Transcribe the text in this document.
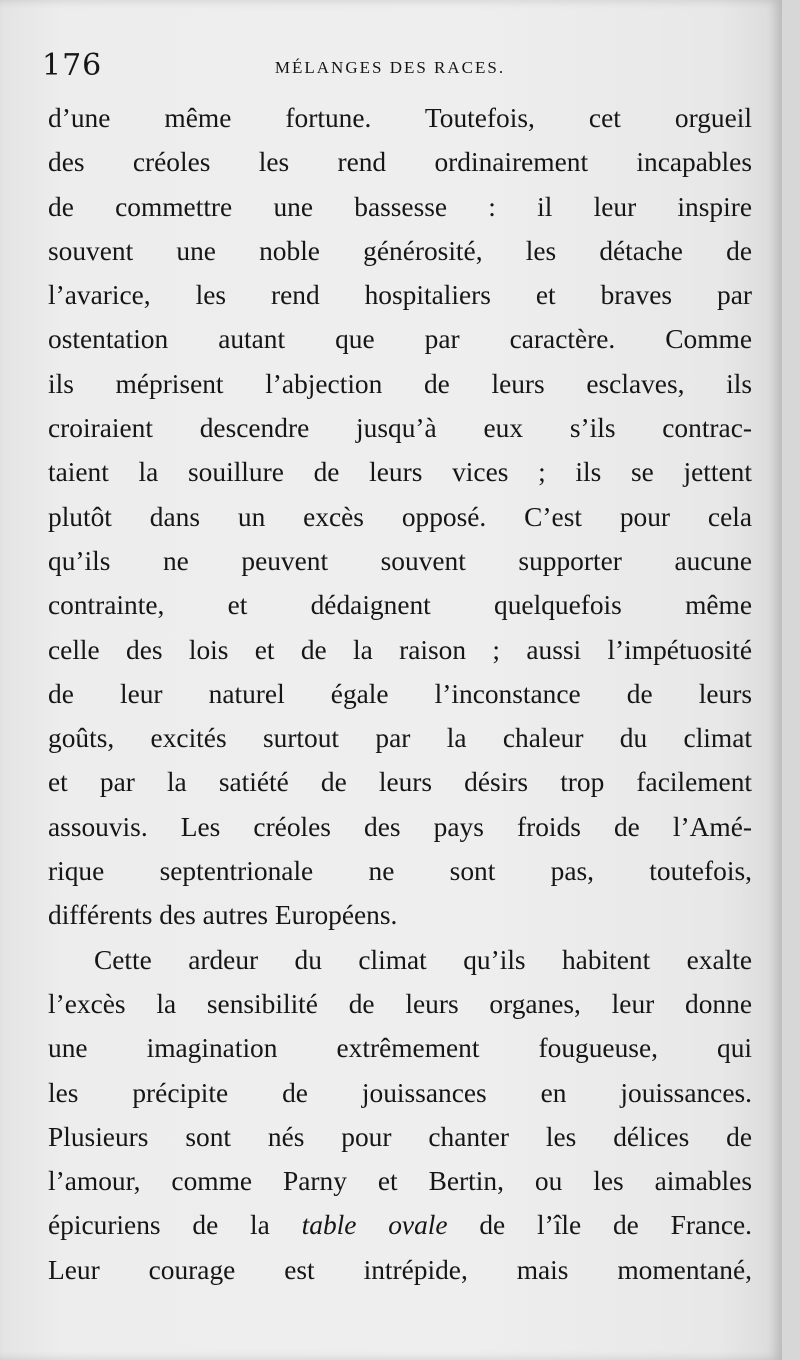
176	MÉLANGES DES RACES.
d’une même fortune. Toutefois, cet orgueil
des créoles les rend ordinairement incapables
de commettre une bassesse : il leur inspire
souvent une noble générosité, les détache de
l’avarice, les rend hospitaliers et braves par
ostentation autant que par caractère. Comme
ils méprisent l’abjection de leurs esclaves, ils
croiraient descendre jusqu’à eux s’ils contrac-
taient la souillure de leurs vices ; ils se jettent
plutôt dans un excès opposé. C’est pour cela
qu’ils ne peuvent souvent supporter aucune
contrainte, et dédaignent quelquefois même
celle des lois et de la raison ; aussi l’impétuosité
de leur naturel égale l’inconstance de leurs
goûts, excités surtout par la chaleur du climat
et par la satiété de leurs désirs trop facilement
assouvis. Les créoles des pays froids de l’Amé-
rique septentrionale ne sont pas, toutefois,
différents des autres Européens.
Cette ardeur du climat qu’ils habitent exalte
l’excès la sensibilité de leurs organes, leur donne
une imagination extrêmement fougueuse, qui
les précipite de jouissances en jouissances.
Plusieurs sont nés pour chanter les délices de
l’amour, comme Parny et Bertin, ou les aimables
épicuriens de la table ovale de l’île de France.
Leur courage est intrépide, mais momentané,
